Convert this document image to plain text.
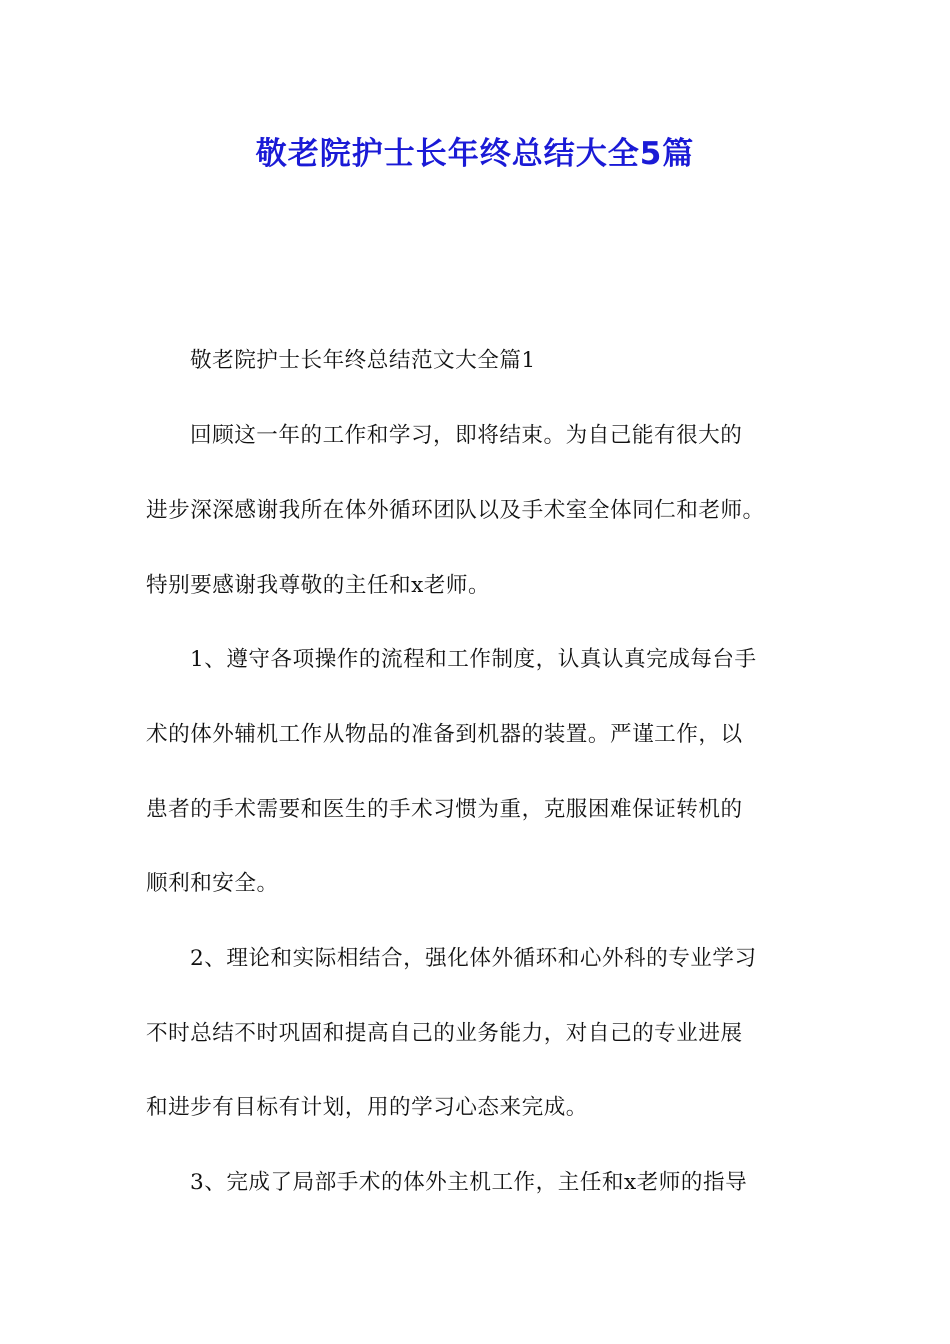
敬老院护士长年终总结大全5篇
敬老院护士长年终总结范文大全篇1
回顾这一年的工作和学习，即将结束。为自己能有很大的
进步深深感谢我所在体外循环团队以及手术室全体同仁和老师。
特别要感谢我尊敬的主任和x老师。
1、遵守各项操作的流程和工作制度，认真认真完成每台手
术的体外辅机工作从物品的准备到机器的装置。严谨工作，以
患者的手术需要和医生的手术习惯为重，克服困难保证转机的
顺利和安全。
2、理论和实际相结合，强化体外循环和心外科的专业学习
不时总结不时巩固和提高自己的业务能力，对自己的专业进展
和进步有目标有计划，用的学习心态来完成。
3、完成了局部手术的体外主机工作，主任和x老师的指导
